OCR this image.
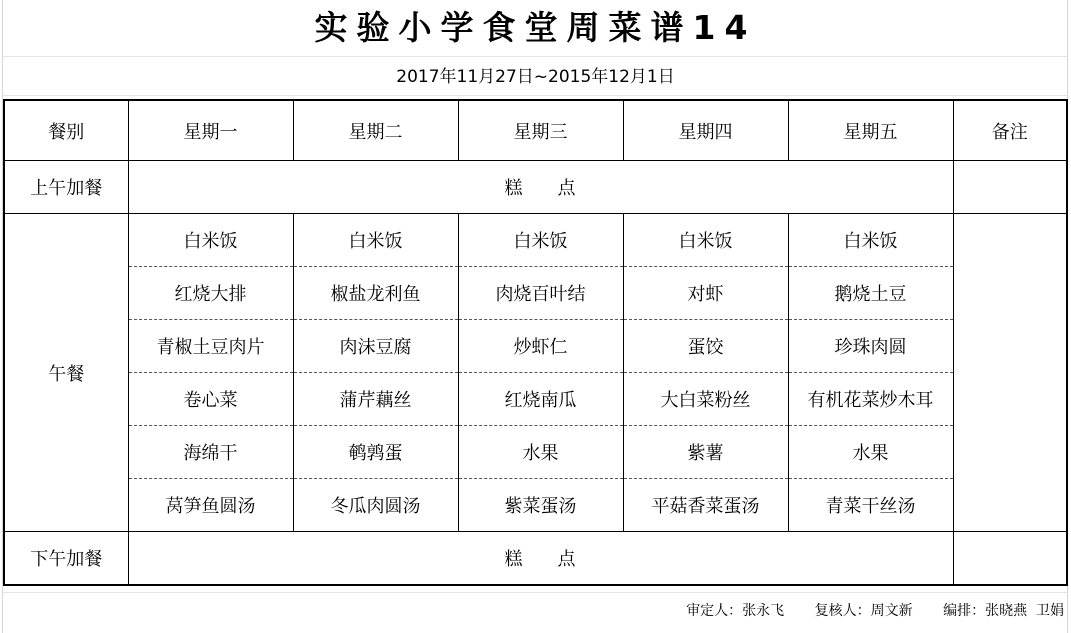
实验小学食堂周菜谱14
2017年11月27日~2015年12月1日
餐别	星期一	星期二	星期三	星期四	星期五	备注
上午加餐	糕 点					
午餐	白米饭	白米饭	白米饭	白米饭	白米饭	
	红烧大排	椒盐龙利鱼	肉烧百叶结	对虾	鹅烧土豆	
	青椒土豆肉片	肉沫豆腐	炒虾仁	蛋饺	珍珠肉圆	
	卷心菜	蒲芹藕丝	红烧南瓜	大白菜粉丝	有机花菜炒木耳	
	海绵干	鹌鹑蛋	水果	紫薯	水果	
	莴笋鱼圆汤	冬瓜肉圆汤	紫菜蛋汤	平菇香菜蛋汤	青菜干丝汤	
下午加餐	糕 点					
审定人：张永飞 复核人：周文新 编排：张晓燕  卫娟
